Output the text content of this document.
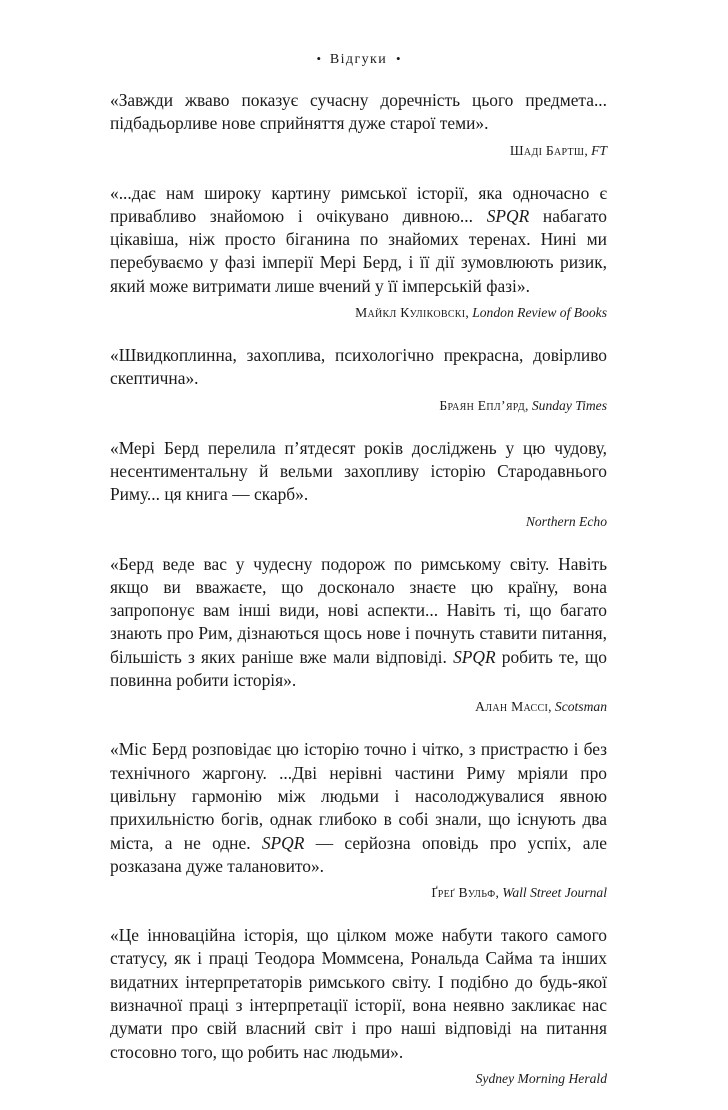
• Відгуки •

«Завжди жваво показує сучасну доречність цього предмета... підбадьорливе нове сприйняття дуже старої теми».

Шаді Бартш, FT

«...дає нам широку картину римської історії, яка одночасно є привабливо знайомою і очікувано дивною... SPQR набагато цікавіша, ніж просто біганина по знайомих теренах. Нині ми перебуваємо у фазі імперії Мері Берд, і її дії зумовлюють ризик, який може витримати лише вчений у її імперській фазі».

Майкл Куліковскі, London Review of Books

«Швидкоплинна, захоплива, психологічно прекрасна, довірливо скептична».

Браян Епл’ярд, Sunday Times

«Мері Берд перелила п’ятдесят років досліджень у цю чудову, несентиментальну й вельми захопливу історію Стародавнього Риму... ця книга — скарб».

Northern Echo

«Берд веде вас у чудесну подорож по римському світу. Навіть якщо ви вважаєте, що досконало знаєте цю країну, вона запропонує вам інші види, нові аспекти... Навіть ті, що багато знають про Рим, дізнаються щось нове і почнуть ставити питання, більшість з яких раніше вже мали відповіді. SPQR робить те, що повинна робити історія».

Алан Массі, Scotsman

«Міс Берд розповідає цю історію точно і чітко, з пристрастю і без технічного жаргону. ...Дві нерівні частини Риму мріяли про цивільну гармонію між людьми і насолоджувалися явною прихильністю богів, однак глибоко в собі знали, що існують два міста, а не одне. SPQR — серйозна оповідь про успіх, але розказана дуже талановито».

Ґреґ Вульф, Wall Street Journal

«Це інноваційна історія, що цілком може набути такого самого статусу, як і праці Теодора Моммсена, Рональда Сайма та інших видатних інтерпретаторів римського світу. І подібно до будь-якої визначної праці з інтерпретації історії, вона неявно закликає нас думати про свій власний світ і про наші відповіді на питання стосовно того, що робить нас людьми».

Sydney Morning Herald
